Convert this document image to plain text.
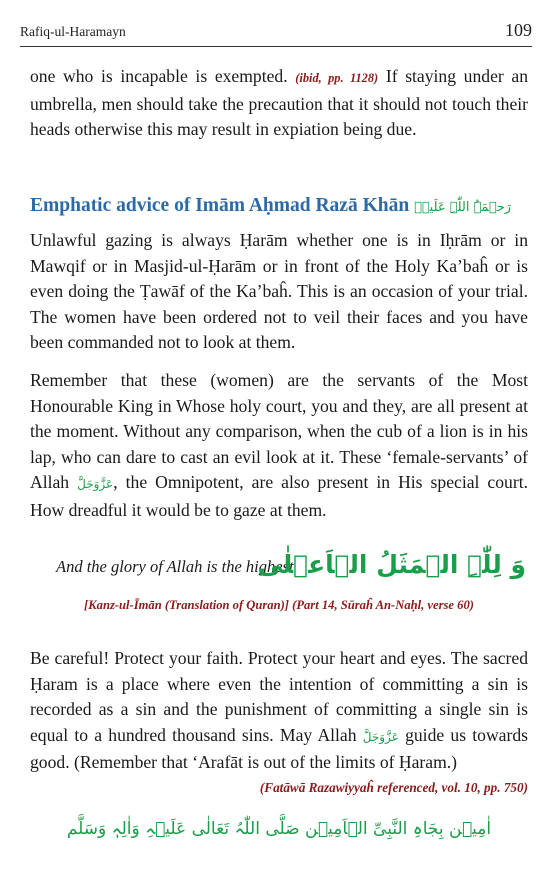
Rafiq-ul-Haramayn	109

one who is incapable is exempted. (ibid, pp. 1128) If staying under an umbrella, men should take the precaution that it should not touch their heads otherwise this may result in expiation being due.

Emphatic advice of Imām Aḥmad Razā Khān رَحۡمَۃُ اللّٰہِ عَلَیۡہ

Unlawful gazing is always Ḥarām whether one is in Iḥrām or in Mawqif or in Masjid-ul-Ḥarām or in front of the Holy Ka’baĥ or is even doing the Ṭawāf of the Ka’baĥ. This is an occasion of your trial. The women have been ordered not to veil their faces and you have been commanded not to look at them.

Remember that these (women) are the servants of the Most Honourable King in Whose holy court, you and they, are all present at the moment. Without any comparison, when the cub of a lion is in his lap, who can dare to cast an evil look at it. These ‘female-servants’ of Allah عَزَّوَجَلَّ, the Omnipotent, are also present in His special court. How dreadful it would be to gaze at them.

And the glory of Allah is the highest
وَ لِلّٰہِ الۡمَثَلُ الۡاَعۡلٰی
[Kanz-ul-Īmān (Translation of Quran)] (Part 14, Sūraĥ An-Naḥl, verse 60)

Be careful! Protect your faith. Protect your heart and eyes. The sacred Ḥaram is a place where even the intention of committing a sin is recorded as a sin and the punishment of committing a single sin is equal to a hundred thousand sins. May Allah عَزَّوَجَلَّ guide us towards good. (Remember that ‘Arafāt is out of the limits of Ḥaram.)

(Fatāwā Razawiyyaĥ referenced, vol. 10, pp. 750)
اٰمِیۡن بِجَاہِ النَّبِیِّ الۡاَمِیۡن صَلَّی اللّٰہُ تَعَالٰی عَلَیۡہِ وَاٰلِہٖ وَسَلَّم
